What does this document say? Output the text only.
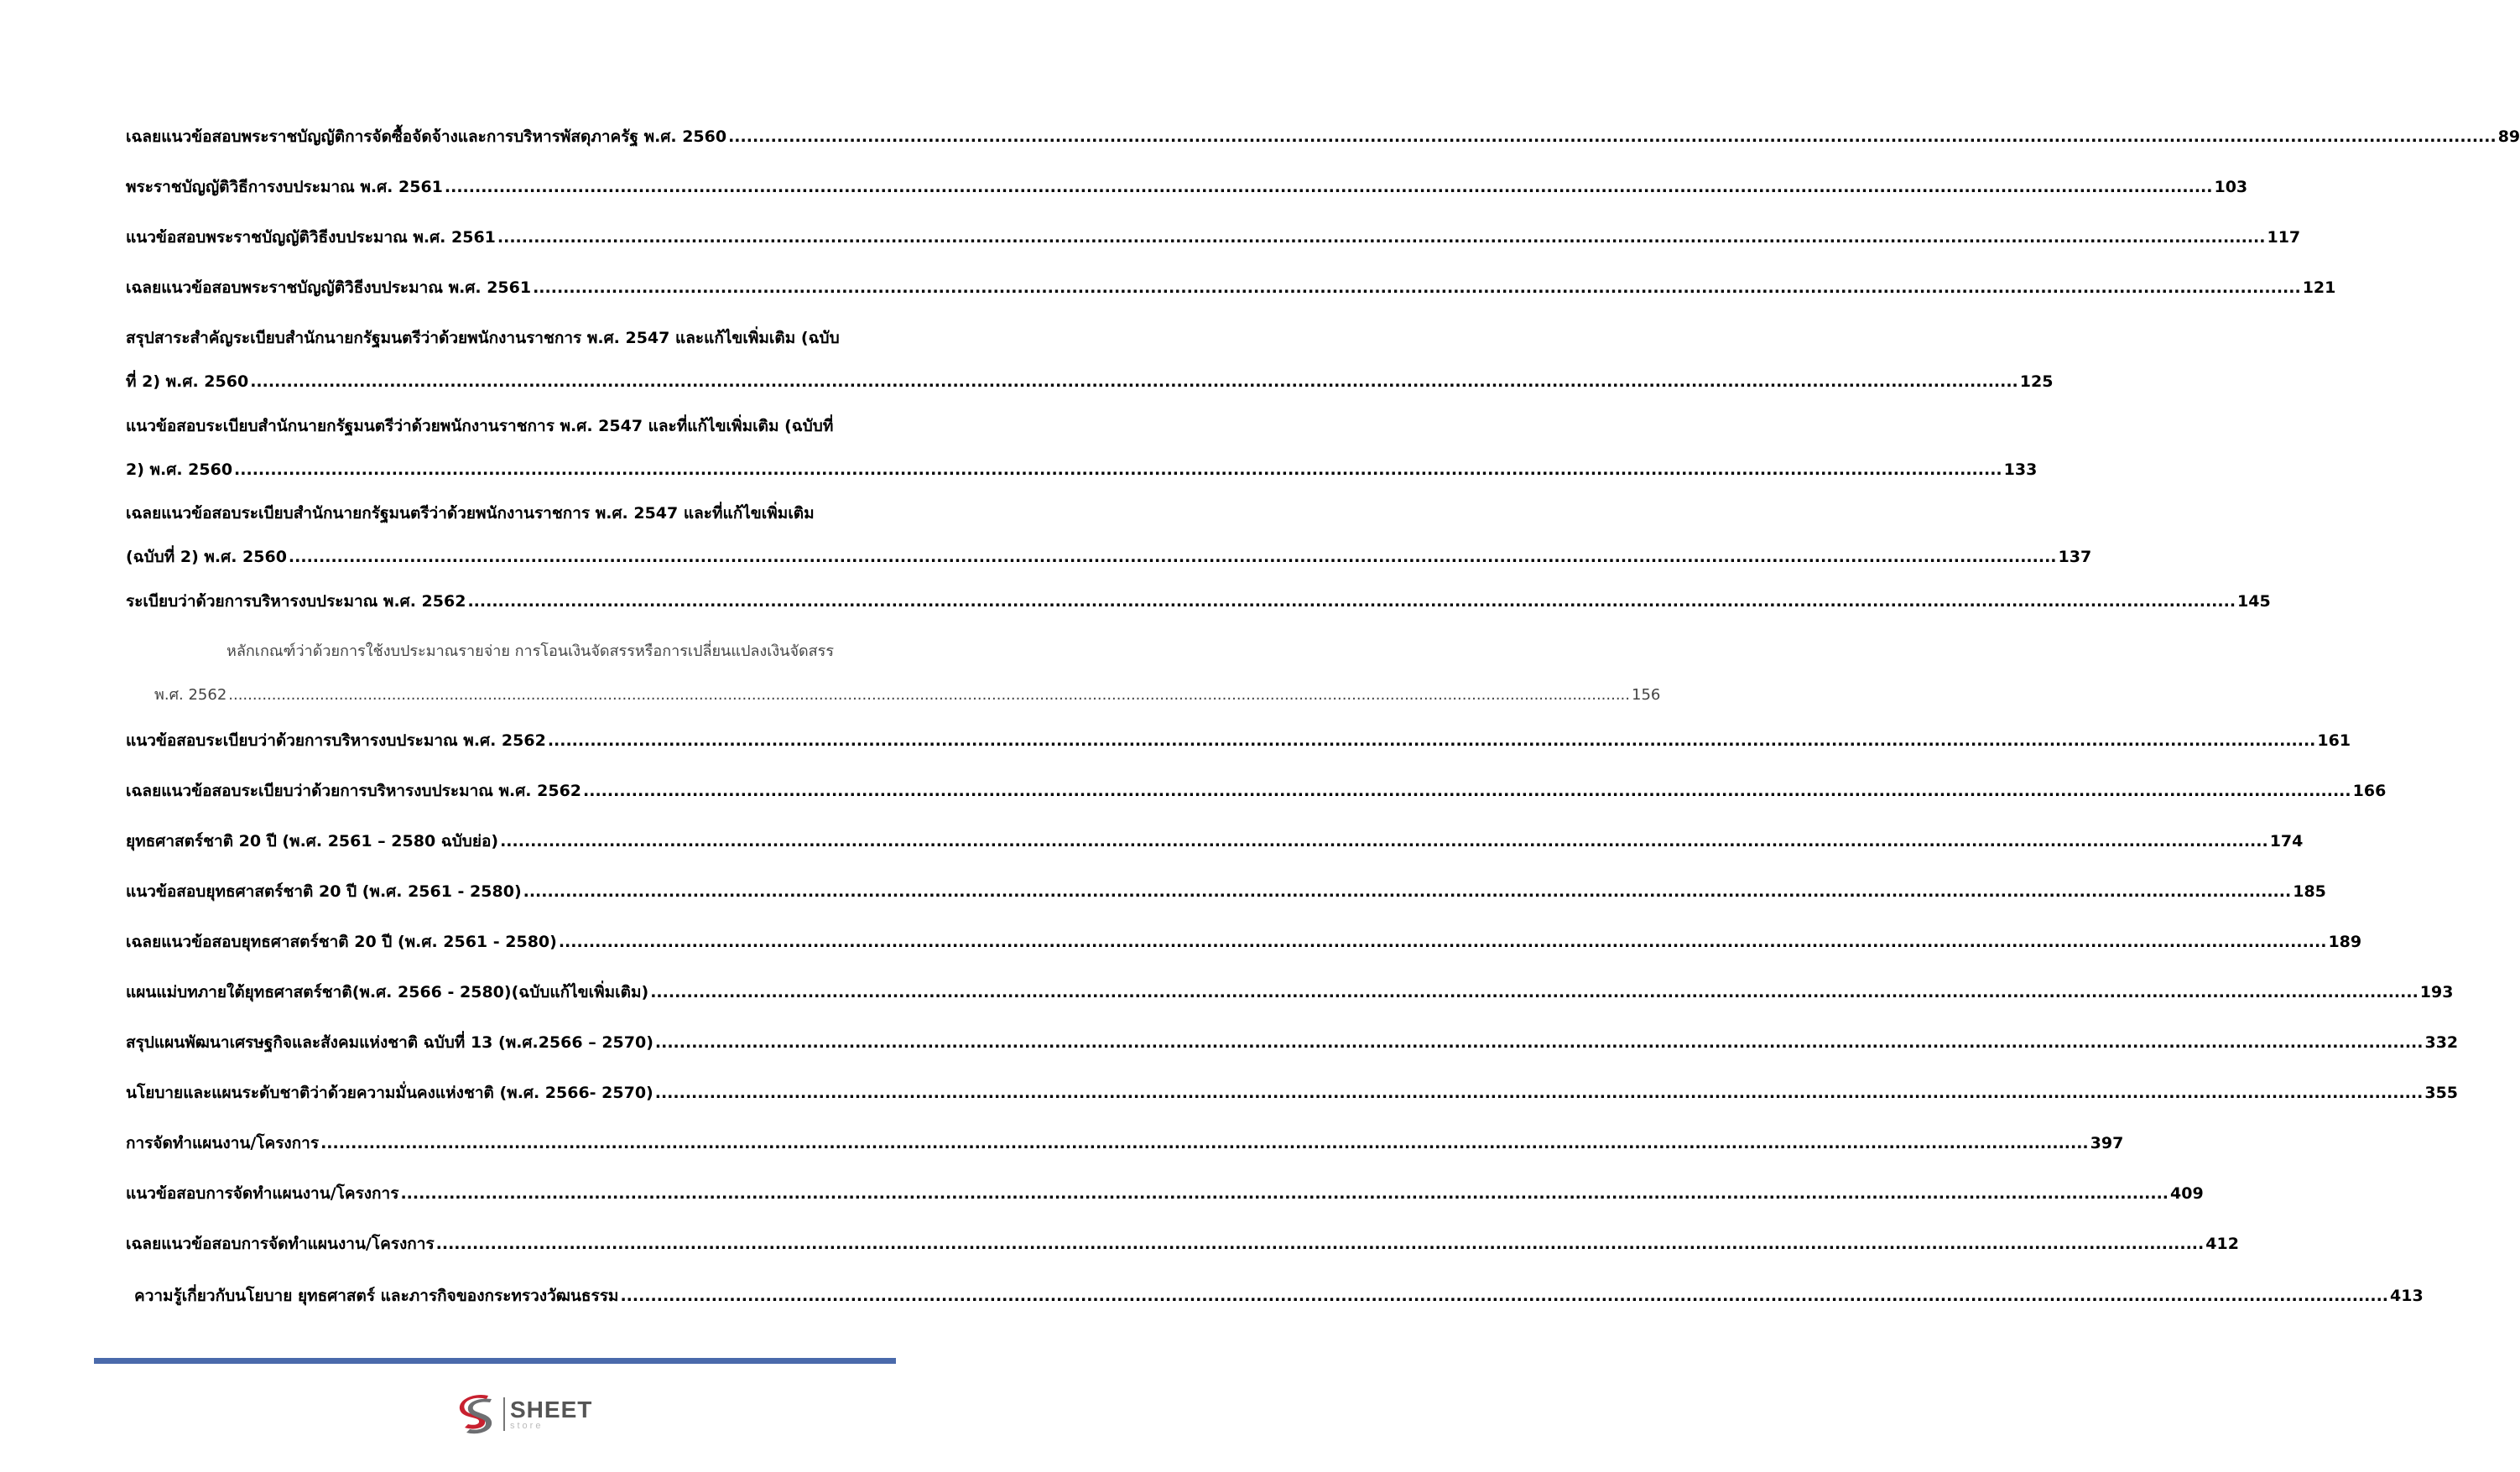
เฉลยแนวข้อสอบพระราชบัญญัติการจัดซื้อจัดจ้างและการบริหารพัสดุภาครัฐ พ.ศ. 2560 .....	89
พระราชบัญญัติวิธีการงบประมาณ พ.ศ. 2561 .....	103
แนวข้อสอบพระราชบัญญัติวิธีงบประมาณ พ.ศ. 2561 .....	117
เฉลยแนวข้อสอบพระราชบัญญัติวิธีงบประมาณ พ.ศ. 2561 .....	121
สรุปสาระสำคัญระเบียบสำนักนายกรัฐมนตรีว่าด้วยพนักงานราชการ พ.ศ. 2547 และแก้ไขเพิ่มเติม (ฉบับ
ที่ 2) พ.ศ. 2560 .....	125
แนวข้อสอบระเบียบสำนักนายกรัฐมนตรีว่าด้วยพนักงานราชการ พ.ศ. 2547 และที่แก้ไขเพิ่มเติม (ฉบับที่
2) พ.ศ. 2560 .....	133
เฉลยแนวข้อสอบระเบียบสำนักนายกรัฐมนตรีว่าด้วยพนักงานราชการ พ.ศ. 2547 และที่แก้ไขเพิ่มเติม
(ฉบับที่ 2) พ.ศ. 2560 .....	137
ระเบียบว่าด้วยการบริหารงบประมาณ พ.ศ. 2562 .....	145
หลักเกณฑ์ว่าด้วยการใช้งบประมาณรายจ่าย การโอนเงินจัดสรรหรือการเปลี่ยนแปลงเงินจัดสรร
พ.ศ. 2562 .....	156
แนวข้อสอบระเบียบว่าด้วยการบริหารงบประมาณ พ.ศ. 2562 .....	161
เฉลยแนวข้อสอบระเบียบว่าด้วยการบริหารงบประมาณ พ.ศ. 2562 .....	166
ยุทธศาสตร์ชาติ 20 ปี (พ.ศ. 2561 – 2580 ฉบับย่อ) .....	174
แนวข้อสอบยุทธศาสตร์ชาติ 20 ปี (พ.ศ. 2561 - 2580) .....	185
เฉลยแนวข้อสอบยุทธศาสตร์ชาติ 20 ปี (พ.ศ. 2561 - 2580) .....	189
แผนแม่บทภายใต้ยุทธศาสตร์ชาติ(พ.ศ. 2566 - 2580)(ฉบับแก้ไขเพิ่มเติม) .....	193
สรุปแผนพัฒนาเศรษฐกิจและสังคมแห่งชาติ ฉบับที่ 13 (พ.ศ.2566 – 2570) .....	332
นโยบายและแผนระดับชาติว่าด้วยความมั่นคงแห่งชาติ (พ.ศ. 2566- 2570) .....	355
การจัดทำแผนงาน/โครงการ .....	397
แนวข้อสอบการจัดทำแผนงาน/โครงการ .....	409
เฉลยแนวข้อสอบการจัดทำแผนงาน/โครงการ .....	412
ความรู้เกี่ยวกับนโยบาย ยุทธศาสตร์ และภารกิจของกระทรวงวัฒนธรรม .....	413
SHEET
store
